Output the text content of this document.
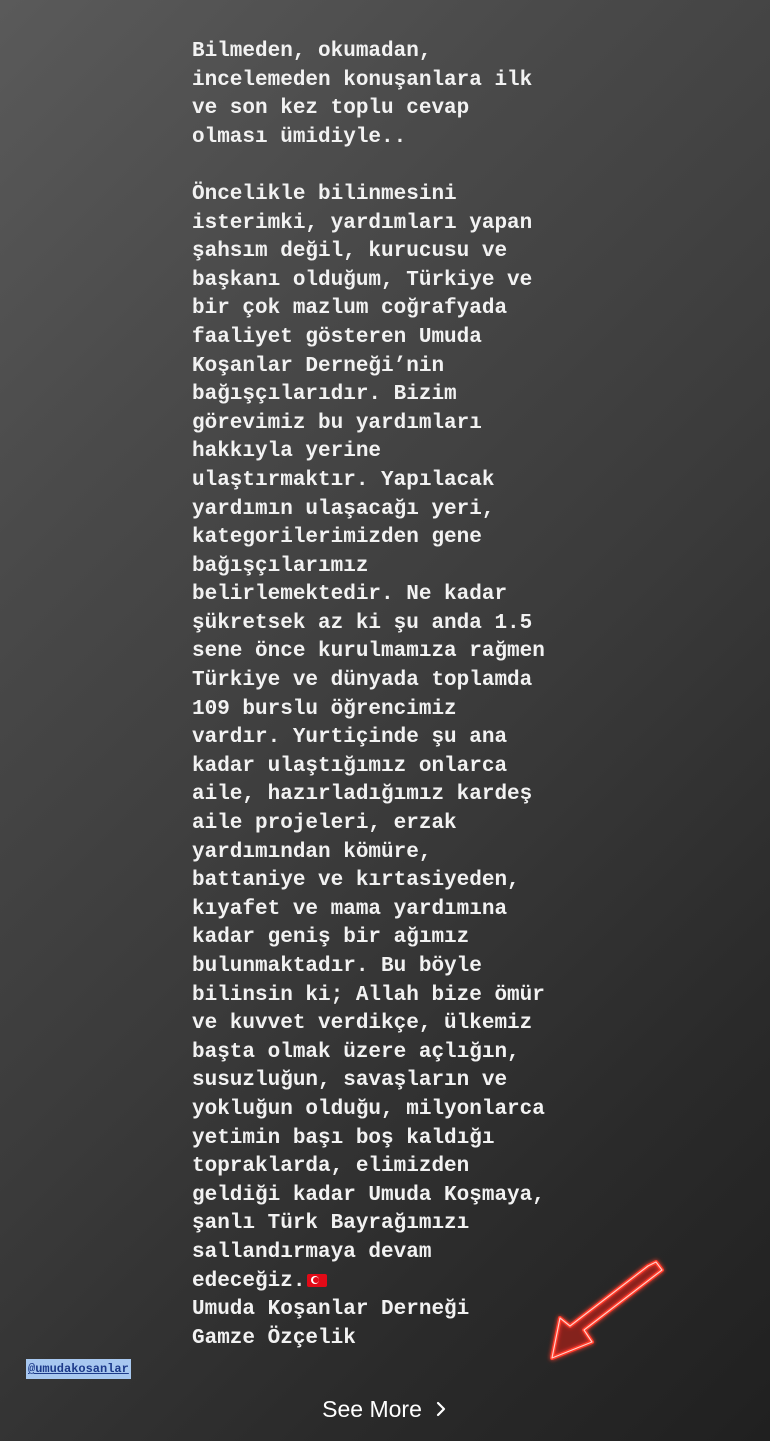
Bilmeden, okumadan,
incelemeden konuşanlara ilk
ve son kez toplu cevap
olması ümidiyle..

Öncelikle bilinmesini
isterimki, yardımları yapan
şahsım değil, kurucusu ve
başkanı olduğum, Türkiye ve
bir çok mazlum coğrafyada
faaliyet gösteren Umuda
Koşanlar Derneği’nin
bağışçılarıdır. Bizim
görevimiz bu yardımları
hakkıyla yerine
ulaştırmaktır. Yapılacak
yardımın ulaşacağı yeri,
kategorilerimizden gene
bağışçılarımız
belirlemektedir. Ne kadar
şükretsek az ki şu anda 1.5
sene önce kurulmamıza rağmen
Türkiye ve dünyada toplamda
109 burslu öğrencimiz
vardır. Yurtiçinde şu ana
kadar ulaştığımız onlarca
aile, hazırladığımız kardeş
aile projeleri, erzak
yardımından kömüre,
battaniye ve kırtasiyeden,
kıyafet ve mama yardımına
kadar geniş bir ağımız
bulunmaktadır. Bu böyle
bilinsin ki; Allah bize ömür
ve kuvvet verdikçe, ülkemiz
başta olmak üzere açlığın,
susuzluğun, savaşların ve
yokluğun olduğu, milyonlarca
yetimin başı boş kaldığı
topraklarda, elimizden
geldiği kadar Umuda Koşmaya,
şanlı Türk Bayrağımızı
sallandırmaya devam
edeceğiz.
Umuda Koşanlar Derneği
Gamze Özçelik

@umudakosanlar
See More
